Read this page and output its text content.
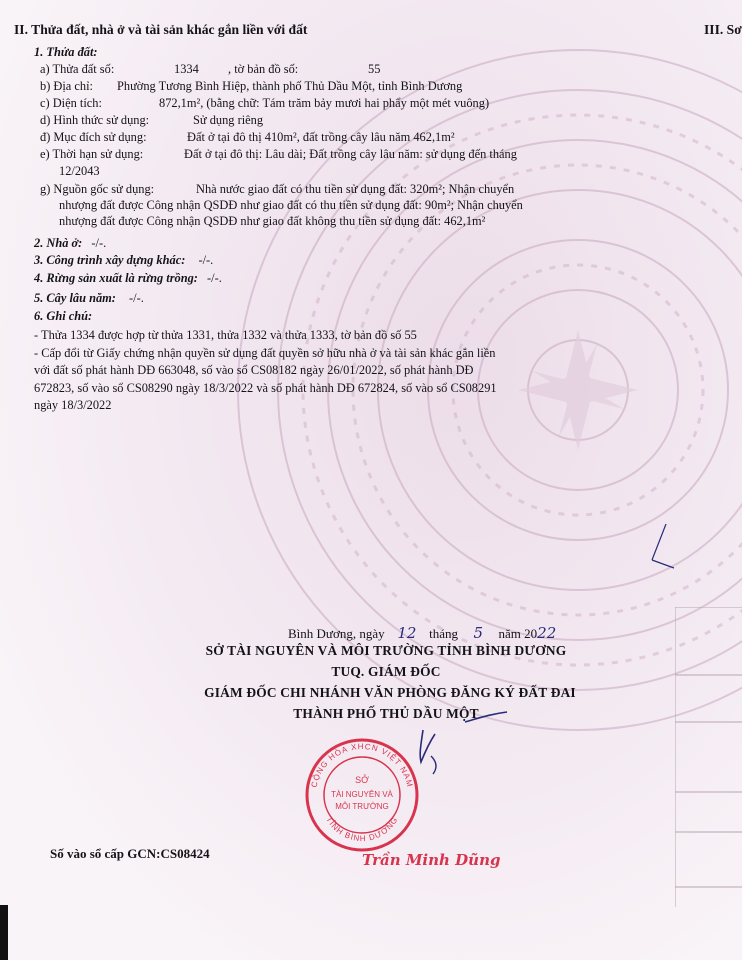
II. Thửa đất, nhà ở và tài sản khác gắn liền với đất	III. Sơ
1. Thửa đất:
a) Thửa đất số:	1334 , tờ bản đồ số:	55
b) Địa chỉ: Phường Tương Bình Hiệp, thành phố Thủ Dầu Một, tỉnh Bình Dương
c) Diện tích:	872,1m², (bằng chữ: Tám trăm bảy mươi hai phẩy một mét vuông)
d) Hình thức sử dụng:	Sử dụng riêng
đ) Mục đích sử dụng:	Đất ở tại đô thị 410m², đất trồng cây lâu năm 462,1m²
e) Thời hạn sử dụng:	Đất ở tại đô thị: Lâu dài; Đất trồng cây lâu năm: sử dụng đến tháng
12/2043
g) Nguồn gốc sử dụng:	Nhà nước giao đất có thu tiền sử dụng đất: 320m²; Nhận chuyển
nhượng đất được Công nhận QSDĐ như giao đất có thu tiền sử dụng đất: 90m²; Nhận chuyển
nhượng đất được Công nhận QSDĐ như giao đất không thu tiền sử dụng đất: 462,1m²
2. Nhà ở: -/-.
3. Công trình xây dựng khác: -/-.
4. Rừng sản xuất là rừng trồng: -/-.
5. Cây lâu năm: -/-.
6. Ghi chú:
- Thửa 1334 được hợp từ thửa 1331, thửa 1332 và thửa 1333, tờ bản đồ số 55
- Cấp đổi từ Giấy chứng nhận quyền sử dụng đất quyền sở hữu nhà ở và tài sản khác gắn liền
với đất số phát hành DĐ 663048, số vào sổ CS08182 ngày 26/01/2022, số phát hành DĐ
672823, số vào sổ CS08290 ngày 18/3/2022 và số phát hành DĐ 672824, số vào sổ CS08291
ngày 18/3/2022
Bình Dương, ngày 12 tháng 5 năm 2022
SỞ TÀI NGUYÊN VÀ MÔI TRƯỜNG TỈNH BÌNH DƯƠNG
TUQ. GIÁM ĐỐC
GIÁM ĐỐC CHI NHÁNH VĂN PHÒNG ĐĂNG KÝ ĐẤT ĐAI
THÀNH PHỐ THỦ DẦU MỘT
CỘNG HÒA XHCN VIỆT NAM
TỈNH BÌNH DƯƠNG
SỞ
TÀI NGUYÊN VÀ
MÔI TRƯỜNG
Trần Minh Dũng
Số vào sổ cấp GCN:CS08424
